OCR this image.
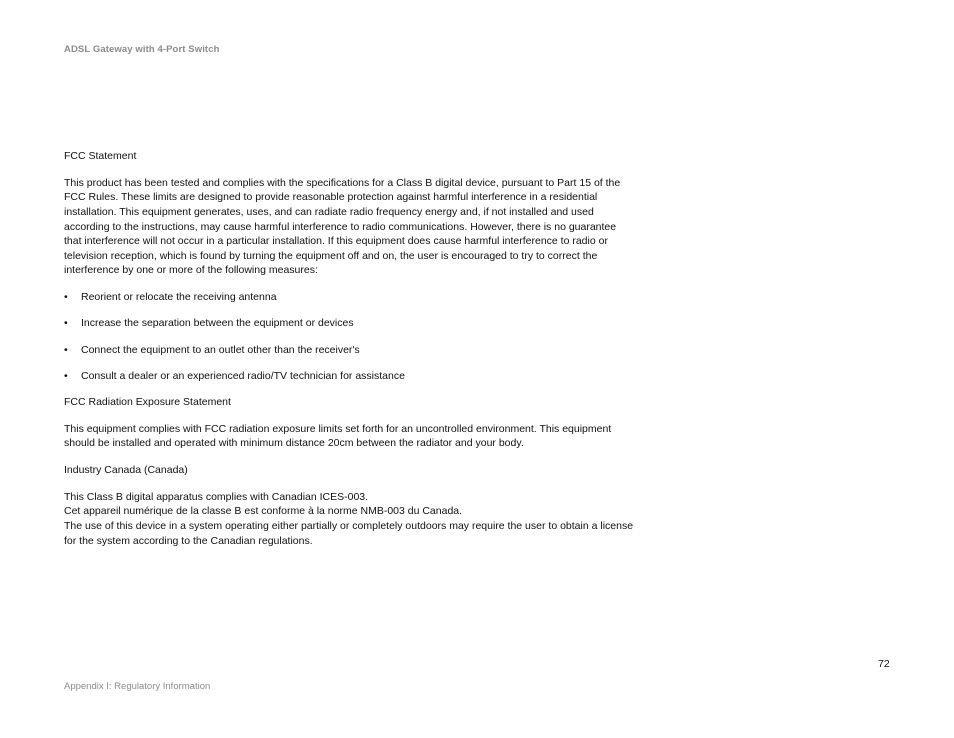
ADSL Gateway with 4-Port Switch

FCC Statement

This product has been tested and complies with the specifications for a Class B digital device, pursuant to Part 15 of the
FCC Rules. These limits are designed to provide reasonable protection against harmful interference in a residential
installation. This equipment generates, uses, and can radiate radio frequency energy and, if not installed and used
according to the instructions, may cause harmful interference to radio communications. However, there is no guarantee
that interference will not occur in a particular installation. If this equipment does cause harmful interference to radio or
television reception, which is found by turning the equipment off and on, the user is encouraged to try to correct the
interference by one or more of the following measures:

• Reorient or relocate the receiving antenna
• Increase the separation between the equipment or devices
• Connect the equipment to an outlet other than the receiver's
• Consult a dealer or an experienced radio/TV technician for assistance

FCC Radiation Exposure Statement

This equipment complies with FCC radiation exposure limits set forth for an uncontrolled environment. This equipment
should be installed and operated with minimum distance 20cm between the radiator and your body.

Industry Canada (Canada)

This Class B digital apparatus complies with Canadian ICES-003.
Cet appareil numérique de la classe B est conforme à la norme NMB-003 du Canada.
The use of this device in a system operating either partially or completely outdoors may require the user to obtain a license
for the system according to the Canadian regulations.

72
Appendix I: Regulatory Information
